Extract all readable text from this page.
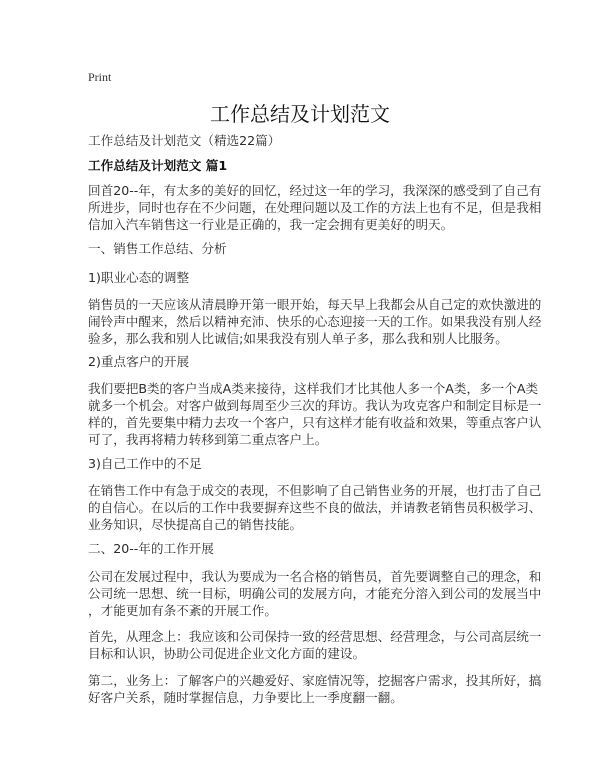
Print
工作总结及计划范文
工作总结及计划范文（精选22篇）
工作总结及计划范文 篇1
回首20--年，有太多的美好的回忆，经过这一年的学习，我深深的感受到了自己有
所进步，同时也存在不少问题，在处理问题以及工作的方法上也有不足，但是我相
信加入汽车销售这一行业是正确的，我一定会拥有更美好的明天。
一、销售工作总结、分析
1)职业心态的调整
销售员的一天应该从清晨睁开第一眼开始，每天早上我都会从自己定的欢快激进的
闹铃声中醒来，然后以精神充沛、快乐的心态迎接一天的工作。如果我没有别人经
验多，那么我和别人比诚信;如果我没有别人单子多，那么我和别人比服务。
2)重点客户的开展
我们要把B类的客户当成A类来接待，这样我们才比其他人多一个A类，多一个A类
就多一个机会。对客户做到每周至少三次的拜访。我认为攻克客户和制定目标是一
样的，首先要集中精力去攻一个客户，只有这样才能有收益和效果，等重点客户认
可了，我再将精力转移到第二重点客户上。
3)自己工作中的不足
在销售工作中有急于成交的表现，不但影响了自己销售业务的开展，也打击了自己
的自信心。在以后的工作中我要摒弃这些不良的做法，并请教老销售员积极学习、
业务知识，尽快提高自己的销售技能。
二、20--年的工作开展
公司在发展过程中，我认为要成为一名合格的销售员，首先要调整自己的理念，和
公司统一思想、统一目标，明确公司的发展方向，才能充分溶入到公司的发展当中
，才能更加有条不紊的开展工作。
首先，从理念上：我应该和公司保持一致的经营思想、经营理念，与公司高层统一
目标和认识，协助公司促进企业文化方面的建设。
第二，业务上：了解客户的兴趣爱好、家庭情况等，挖掘客户需求，投其所好，搞
好客户关系，随时掌握信息，力争要比上一季度翻一翻。
